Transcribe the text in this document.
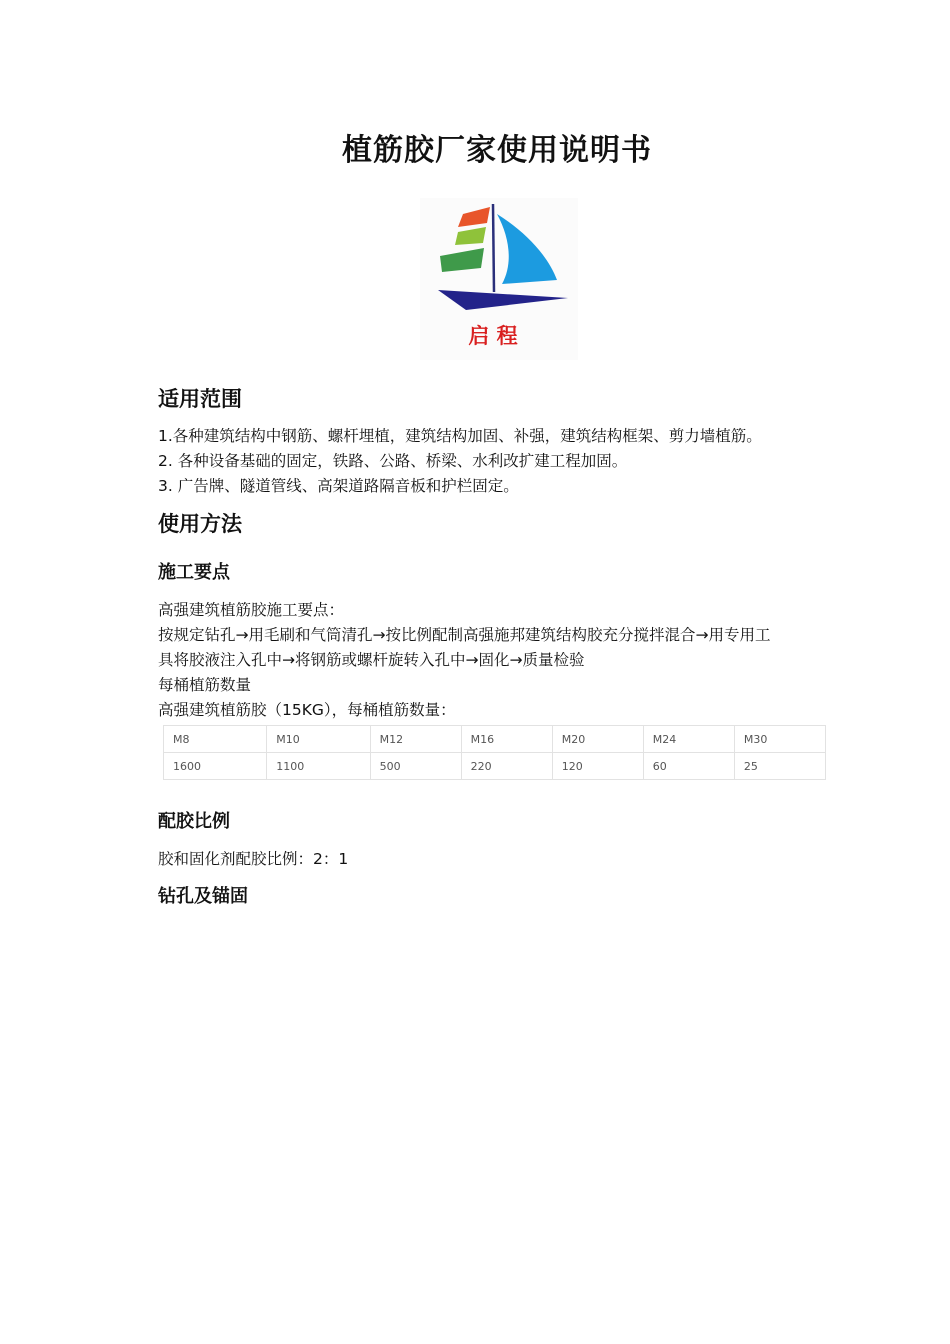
植筋胶厂家使用说明书
启 程
适用范围

1.各种建筑结构中钢筋、螺杆埋植，建筑结构加固、补强，建筑结构框架、剪力墙植筋。

2. 各种设备基础的固定，铁路、公路、桥梁、水利改扩建工程加固。

3. 广告牌、隧道管线、高架道路隔音板和护栏固定。

使用方法
施工要点

高强建筑植筋胶施工要点：

按规定钻孔→用毛刷和气筒清孔→按比例配制高强施邦建筑结构胶充分搅拌混合→用专用工

具将胶液注入孔中→将钢筋或螺杆旋转入孔中→固化→质量检验

每桶植筋数量

高强建筑植筋胶（15KG），每桶植筋数量：

M8	M10	M12	M16	M20	M24	M30
1600	1100	500	220	120	60	25
配胶比例

胶和固化剂配胶比例：2：1

钻孔及锚固
